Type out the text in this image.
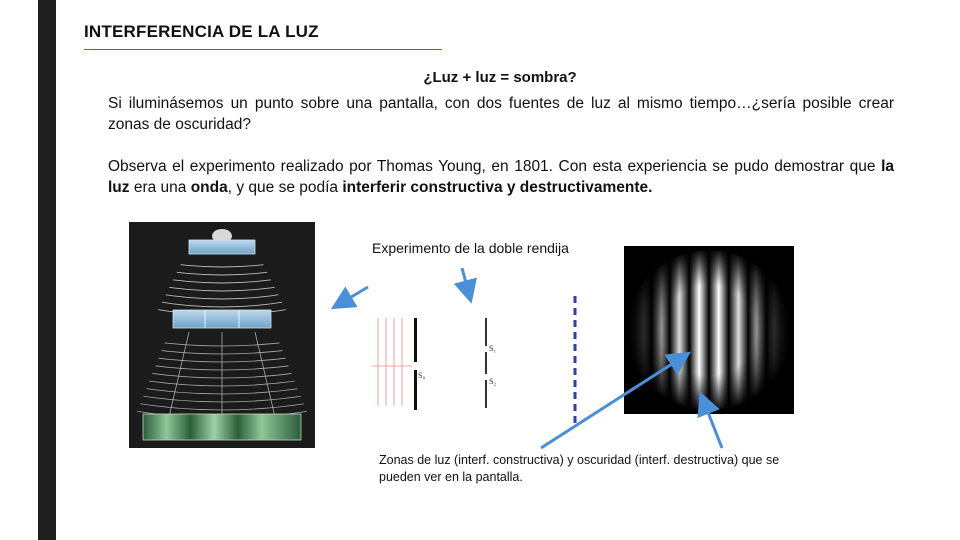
INTERFERENCIA DE LA LUZ
¿Luz + luz = sombra?
Si iluminásemos un punto sobre una pantalla, con dos fuentes de luz al mismo tiempo…¿sería posible crear zonas de oscuridad?
Observa el experimento realizado por Thomas Young, en 1801. Con esta experiencia se pudo demostrar que la luz era una onda, y que se podía interferir constructiva y destructivamente.
Experimento de la doble rendija
S₀
S₁
S₂
Zonas de luz (interf. constructiva) y oscuridad (interf. destructiva) que se pueden ver en la pantalla.
